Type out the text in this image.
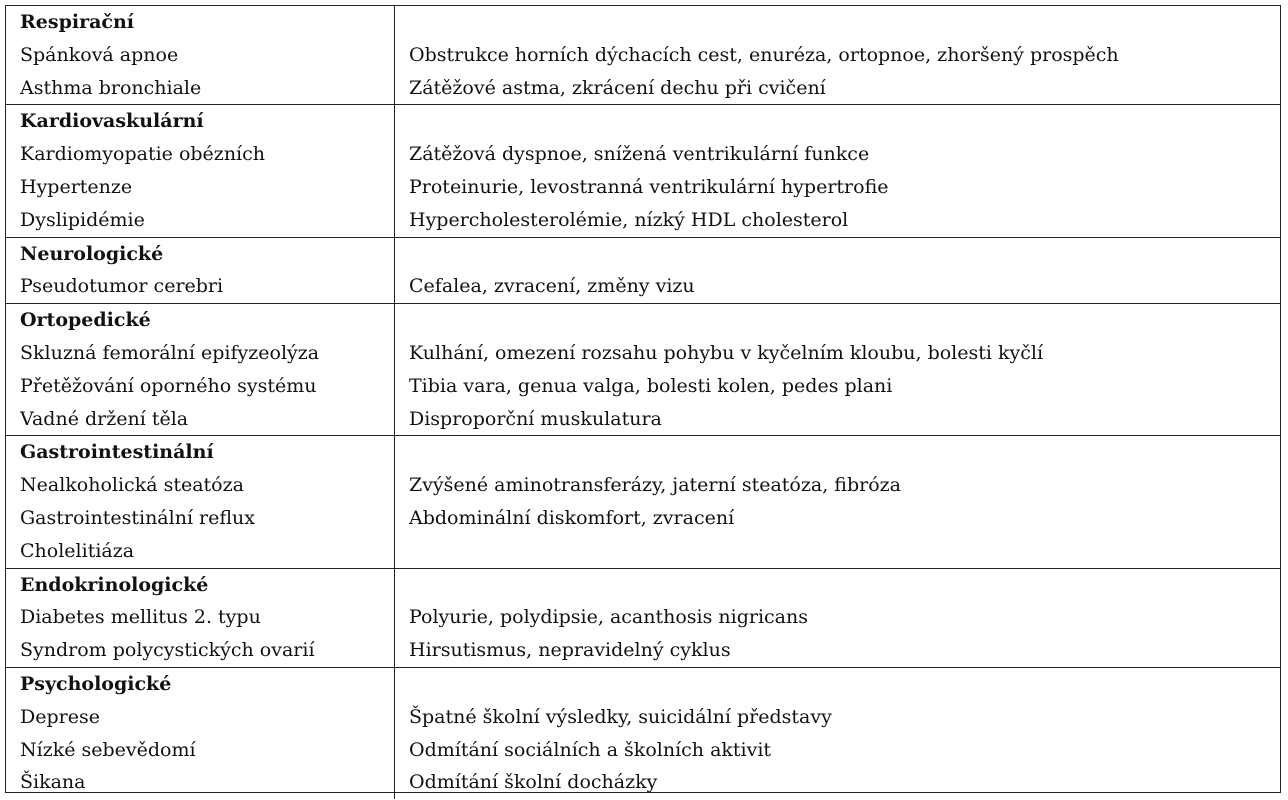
Respirační
Spánková apnoe
Asthma bronchiale
Obstrukce horních dýchacích cest, enuréza, ortopnoe, zhoršený prospěch
Zátěžové astma, zkrácení dechu při cvičení
Kardiovaskulární
Kardiomyopatie obézních
Hypertenze
Dyslipidémie
Zátěžová dyspnoe, snížená ventrikulární funkce
Proteinurie, levostranná ventrikulární hypertrofie
Hypercholesterolémie, nízký HDL cholesterol
Neurologické
Pseudotumor cerebri	Cefalea, zvracení, změny vizu
Ortopedické
Skluzná femorální epifyzeolýza
Přetěžování oporného systému
Vadné držení těla
Kulhání, omezení rozsahu pohybu v kyčelním kloubu, bolesti kyčlí
Tibia vara, genua valga, bolesti kolen, pedes plani
Disproporční muskulatura
Gastrointestinální
Nealkoholická steatóza
Gastrointestinální reflux
Cholelitiáza
Zvýšené aminotransferázy, jaterní steatóza, fibróza
Abdominální diskomfort, zvracení
Endokrinologické
Diabetes mellitus 2. typu
Syndrom polycystických ovarií
Polyurie, polydipsie, acanthosis nigricans
Hirsutismus, nepravidelný cyklus
Psychologické
Deprese
Nízké sebevědomí
Šikana
Špatné školní výsledky, suicidální představy
Odmítání sociálních a školních aktivit
Odmítání školní docházky
